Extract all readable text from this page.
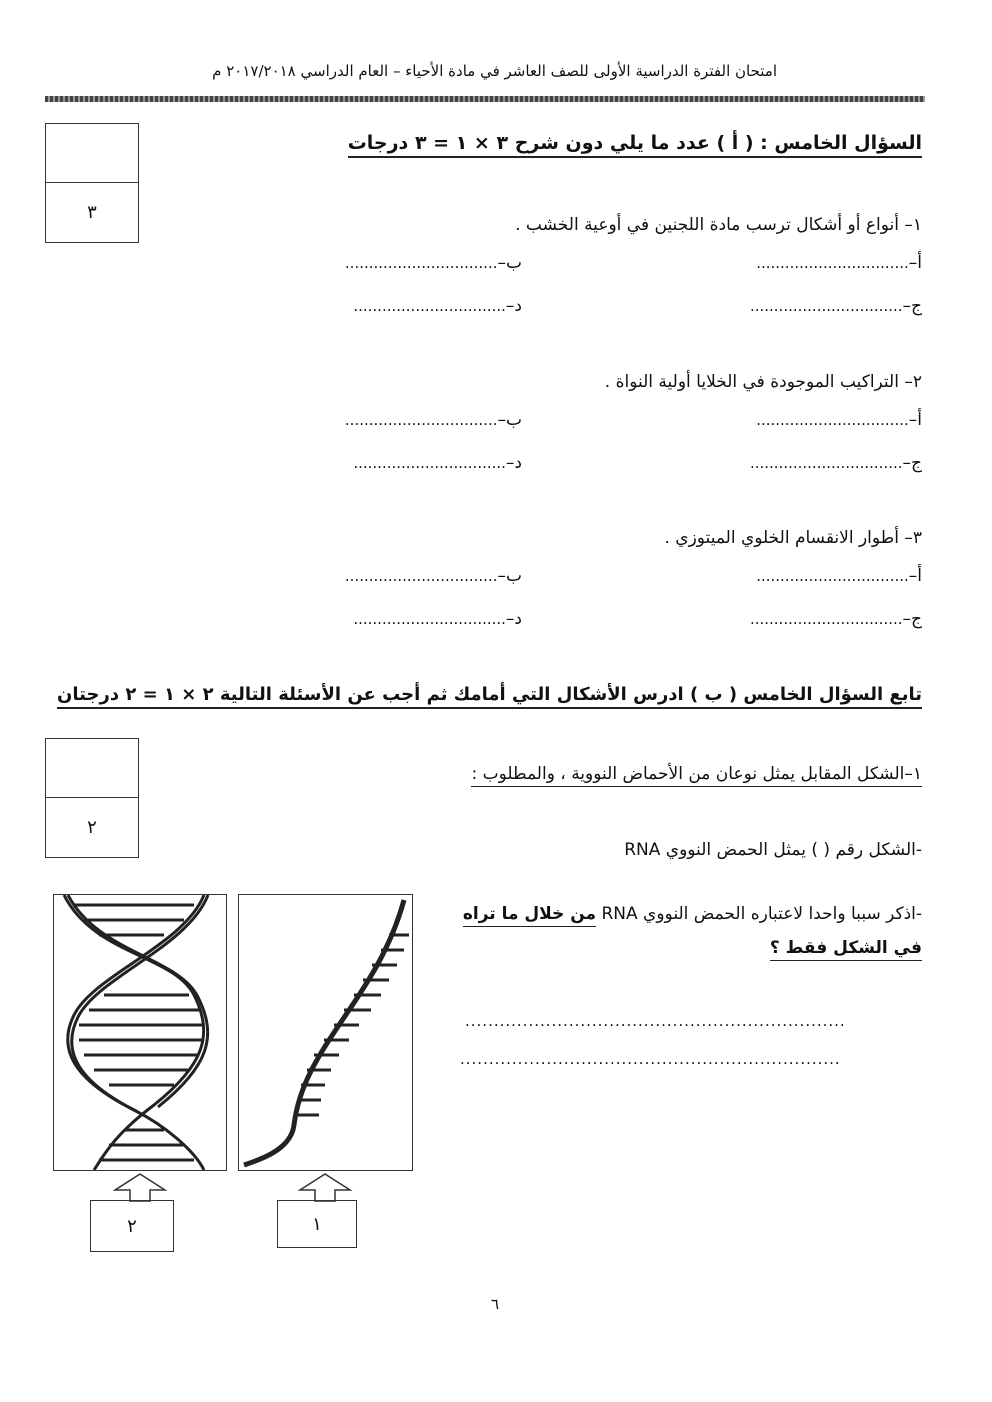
امتحان الفترة الدراسية الأولى للصف العاشر في مادة الأحياء – العام الدراسي ٢٠١٧/٢٠١٨ م
٣
السؤال الخامس : ( أ ) عدد ما يلي دون شرح ٣ × ١ = ٣ درجات
١– أنواع أو أشكال ترسب مادة اللجنين في أوعية الخشب .
أ–................................
ب–................................
ج–................................
د–................................
٢– التراكيب الموجودة في الخلايا أولية النواة .
أ–................................
ب–................................
ج–................................
د–................................
٣– أطوار الانقسام الخلوي الميتوزي .
أ–................................
ب–................................
ج–................................
د–................................
تابع السؤال الخامس ( ب ) ادرس الأشكال التي أمامك ثم أجب عن الأسئلة التالية ٢ × ١ = ٢ درجتان
٢
١–الشكل المقابل يمثل نوعان من الأحماض النووية ، والمطلوب :
-الشكل رقم ( ) يمثل الحمض النووي RNA
-اذكر سببا واحدا لاعتباره الحمض النووي RNA من خلال ما تراه
في الشكل فقط ؟
..................................................................
..................................................................
٢	١
٦
